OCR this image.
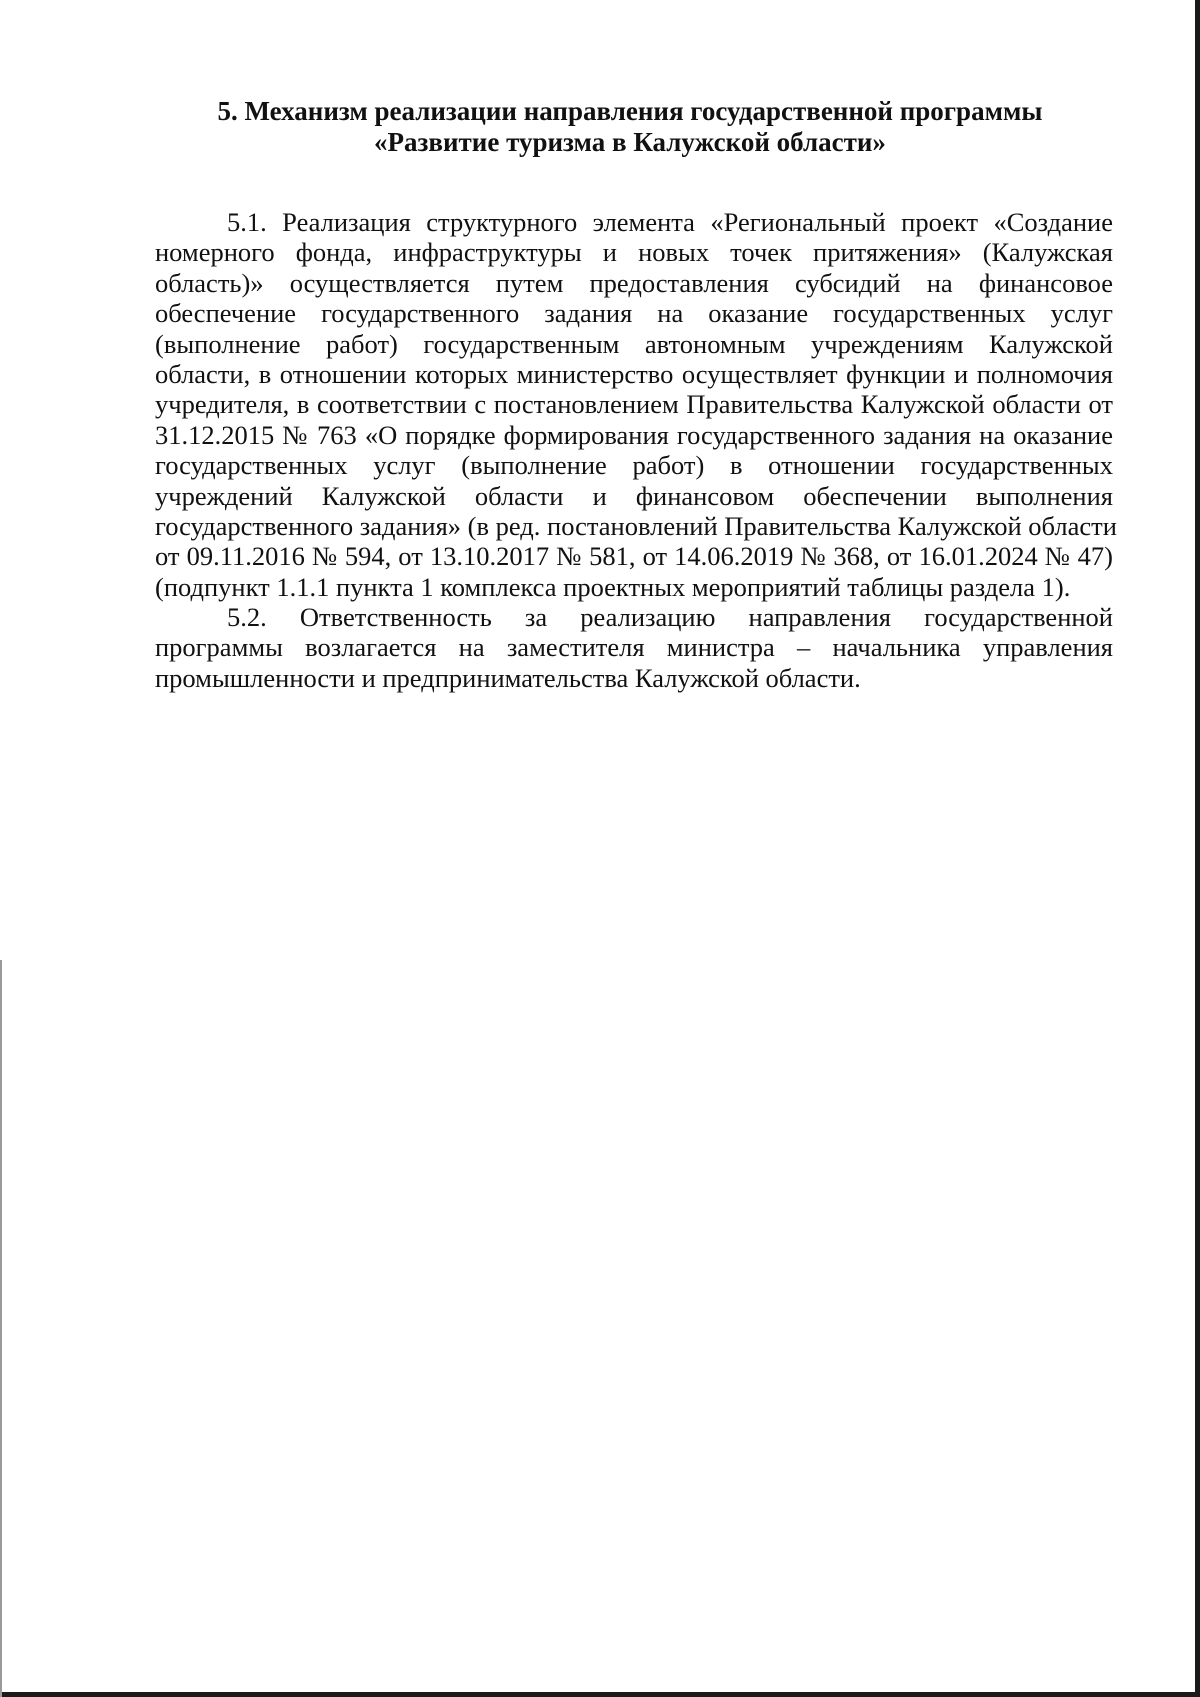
5. Механизм реализации направления государственной программы
«Развитие туризма в Калужской области»
5.1. Реализация структурного элемента «Региональный проект «Создание
номерного фонда, инфраструктуры и новых точек притяжения» (Калужская
область)» осуществляется путем предоставления субсидий на финансовое
обеспечение государственного задания на оказание государственных услуг
(выполнение работ) государственным автономным учреждениям Калужской
области, в отношении которых министерство осуществляет функции и полномочия
учредителя, в соответствии с постановлением Правительства Калужской области от
31.12.2015 № 763 «О порядке формирования государственного задания на оказание
государственных услуг (выполнение работ) в отношении государственных
учреждений Калужской области и финансовом обеспечении выполнения
государственного задания» (в ред. постановлений Правительства Калужской области
от 09.11.2016 № 594, от 13.10.2017 № 581, от 14.06.2019 № 368, от 16.01.2024 № 47)
(подпункт 1.1.1 пункта 1 комплекса проектных мероприятий таблицы раздела 1).
5.2. Ответственность за реализацию направления государственной
программы возлагается на заместителя министра – начальника управления
промышленности и предпринимательства Калужской области.
